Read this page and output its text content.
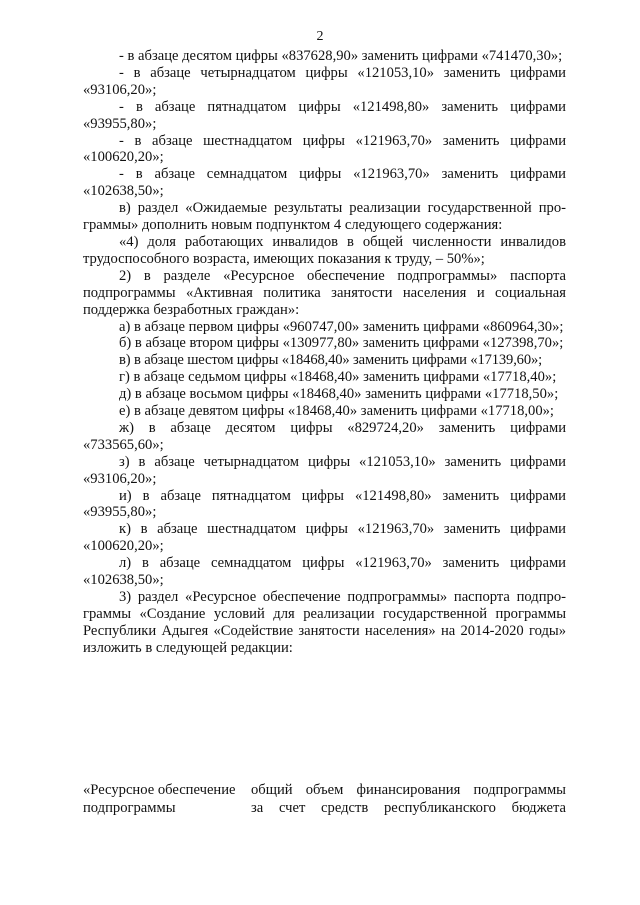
2

- в абзаце десятом цифры «837628,90» заменить цифрами «741470,30»;

- в абзаце четырнадцатом цифры «121053,10» заменить цифрами «93106,20»;

- в абзаце пятнадцатом цифры «121498,80» заменить цифрами «93955,80»;

- в абзаце шестнадцатом цифры «121963,70» заменить цифрами «100620,20»;

- в абзаце семнадцатом цифры «121963,70» заменить цифрами «102638,50»;

в) раздел «Ожидаемые результаты реализации государственной программы» дополнить новым подпунктом 4 следующего содержания:

«4) доля работающих инвалидов в общей численности инвалидов трудоспособного возраста, имеющих показания к труду, – 50%»;

2) в разделе «Ресурсное обеспечение подпрограммы» паспорта подпрограммы «Активная политика занятости населения и социальная поддержка безработных граждан»:

а) в абзаце первом цифры «960747,00» заменить цифрами «860964,30»;

б) в абзаце втором цифры «130977,80» заменить цифрами «127398,70»;

в) в абзаце шестом цифры «18468,40» заменить цифрами «17139,60»;

г) в абзаце седьмом цифры «18468,40» заменить цифрами «17718,40»;

д) в абзаце восьмом цифры «18468,40» заменить цифрами «17718,50»;

е) в абзаце девятом цифры «18468,40» заменить цифрами «17718,00»;

ж) в абзаце десятом цифры «829724,20» заменить цифрами «733565,60»;

з) в абзаце четырнадцатом цифры «121053,10» заменить цифрами «93106,20»;

и) в абзаце пятнадцатом цифры «121498,80» заменить цифрами «93955,80»;

к) в абзаце шестнадцатом цифры «121963,70» заменить цифрами «100620,20»;

л) в абзаце семнадцатом цифры «121963,70» заменить цифрами «102638,50»;

3) раздел «Ресурсное обеспечение подпрограммы» паспорта подпрограммы «Создание условий для реализации государственной программы Республики Адыгея «Содействие занятости населения» на 2014-2020 годы» изложить в следующей редакции:

«Ресурсное обеспечение	общий объем финансирования подпрограммы
подпрограммы	за счет средств республиканского бюджета
